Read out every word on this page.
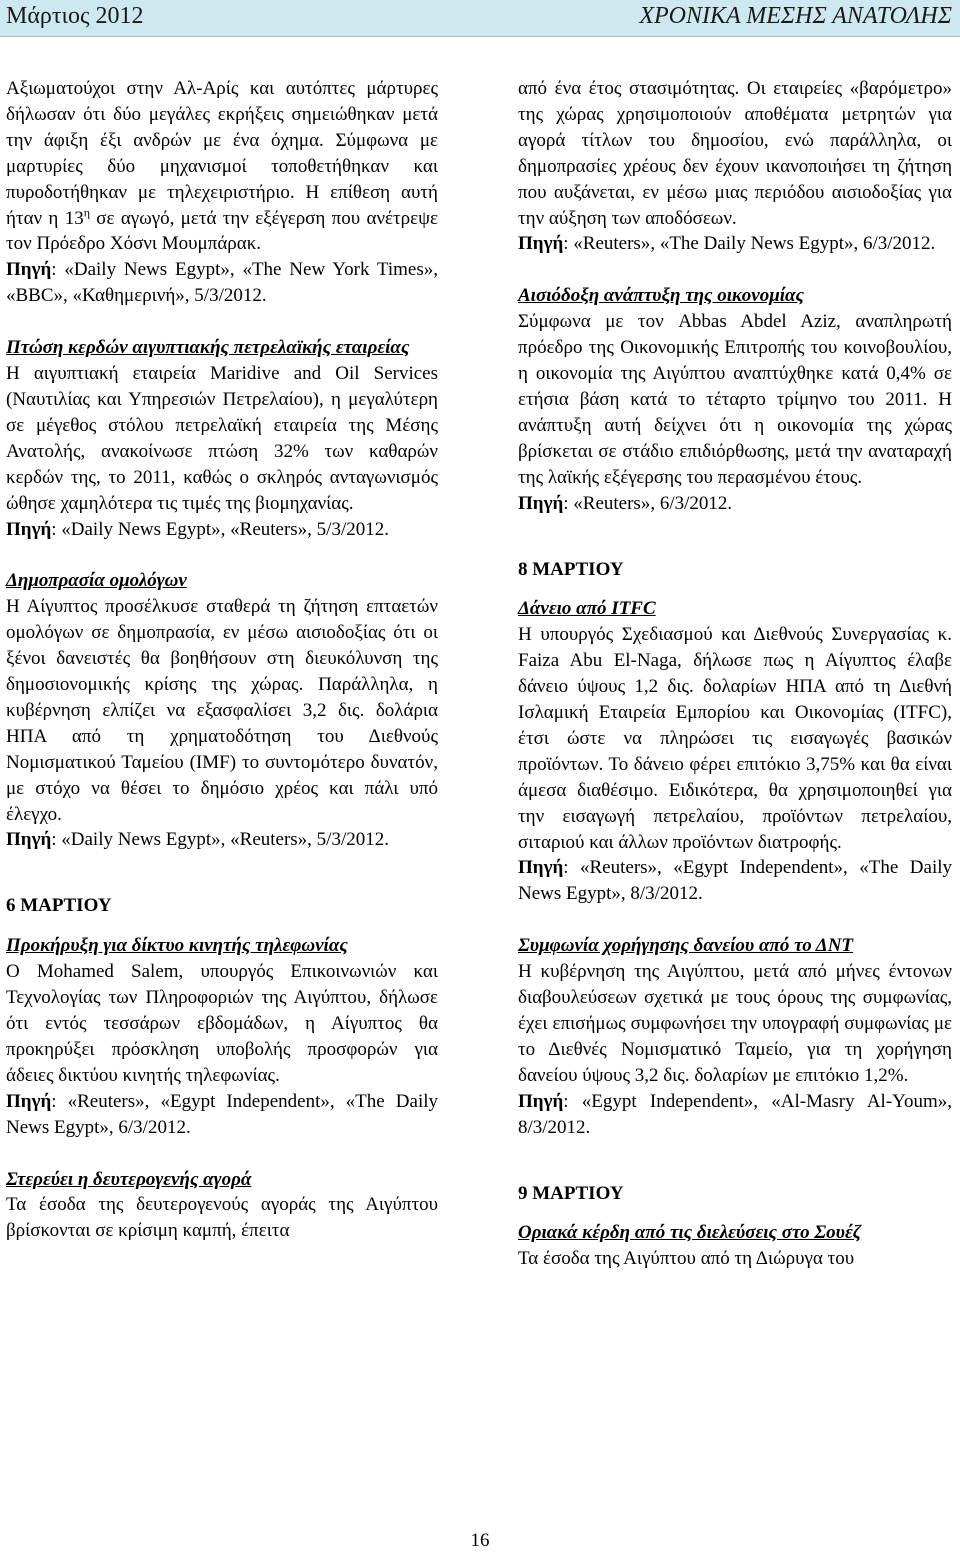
Μάρτιος 2012	ΧΡΟΝΙΚΑ ΜΕΣΗΣ ΑΝΑΤΟΛΗΣ

Αξιωματούχοι στην Αλ-Αρίς και αυτόπτες μάρτυρες δήλωσαν ότι δύο μεγάλες εκρήξεις σημειώθηκαν μετά την άφιξη έξι ανδρών με ένα όχημα. Σύμφωνα με μαρτυρίες δύο μηχανισμοί τοποθετήθηκαν και πυροδοτήθηκαν με τηλεχειριστήριο. Η επίθεση αυτή ήταν η $13^\eta$ σε αγωγό, μετά την εξέγερση που ανέτρεψε τον Πρόεδρο Χόσνι Μουμπάρακ.

Πηγή: «Daily News Egypt», «The New York Times», «BBC», «Καθημερινή», 5/3/2012.

Πτώση κερδών αιγυπτιακής πετρελαϊκής εταιρείας

Η αιγυπτιακή εταιρεία Maridive and Oil Services (Ναυτιλίας και Υπηρεσιών Πετρελαίου), η μεγαλύτερη σε μέγεθος στόλου πετρελαϊκή εταιρεία της Μέσης Ανατολής, ανακοίνωσε πτώση 32% των καθαρών κερδών της, το 2011, καθώς ο σκληρός ανταγωνισμός ώθησε χαμηλότερα τις τιμές της βιομηχανίας.

Πηγή: «Daily News Egypt», «Reuters», 5/3/2012.

Δημοπρασία ομολόγων

Η Αίγυπτος προσέλκυσε σταθερά τη ζήτηση επταετών ομολόγων σε δημοπρασία, εν μέσω αισιοδοξίας ότι οι ξένοι δανειστές θα βοηθήσουν στη διευκόλυνση της δημοσιονομικής κρίσης της χώρας. Παράλληλα, η κυβέρνηση ελπίζει να εξασφαλίσει 3,2 δις. δολάρια ΗΠΑ από τη χρηματοδότηση του Διεθνούς Νομισματικού Ταμείου (IMF) το συντομότερο δυνατόν, με στόχο να θέσει το δημόσιο χρέος και πάλι υπό έλεγχο.

Πηγή: «Daily News Egypt», «Reuters», 5/3/2012.

6 ΜΑΡΤΙΟΥ

Προκήρυξη για δίκτυο κινητής τηλεφωνίας

Ο Mohamed Salem, υπουργός Επικοινωνιών και Τεχνολογίας των Πληροφοριών της Αιγύπτου, δήλωσε ότι εντός τεσσάρων εβδομάδων, η Αίγυπτος θα προκηρύξει πρόσκληση υποβολής προσφορών για άδειες δικτύου κινητής τηλεφωνίας.

Πηγή: «Reuters», «Egypt Independent», «The Daily News Egypt», 6/3/2012.

Στερεύει η δευτερογενής αγορά

Τα έσοδα της δευτερογενούς αγοράς της Αιγύπτου βρίσκονται σε κρίσιμη καμπή, έπειτα

από ένα έτος στασιμότητας. Οι εταιρείες «βαρόμετρο» της χώρας χρησιμοποιούν αποθέματα μετρητών για αγορά τίτλων του δημοσίου, ενώ παράλληλα, οι δημοπρασίες χρέους δεν έχουν ικανοποιήσει τη ζήτηση που αυξάνεται, εν μέσω μιας περιόδου αισιοδοξίας για την αύξηση των αποδόσεων.

Πηγή: «Reuters», «The Daily News Egypt», 6/3/2012.

Αισιόδοξη ανάπτυξη της οικονομίας

Σύμφωνα με τον Abbas Abdel Aziz, αναπληρωτή πρόεδρο της Οικονομικής Επιτροπής του κοινοβουλίου, η οικονομία της Αιγύπτου αναπτύχθηκε κατά 0,4% σε ετήσια βάση κατά το τέταρτο τρίμηνο του 2011. Η ανάπτυξη αυτή δείχνει ότι η οικονομία της χώρας βρίσκεται σε στάδιο επιδιόρθωσης, μετά την αναταραχή της λαϊκής εξέγερσης του περασμένου έτους.

Πηγή: «Reuters», 6/3/2012.

8 ΜΑΡΤΙΟΥ

Δάνειο από ITFC

Η υπουργός Σχεδιασμού και Διεθνούς Συνεργασίας κ. Faiza Abu El-Naga, δήλωσε πως η Αίγυπτος έλαβε δάνειο ύψους 1,2 δις. δολαρίων ΗΠΑ από τη Διεθνή Ισλαμική Εταιρεία Εμπορίου και Οικονομίας (ITFC), έτσι ώστε να πληρώσει τις εισαγωγές βασικών προϊόντων. Το δάνειο φέρει επιτόκιο 3,75% και θα είναι άμεσα διαθέσιμο. Ειδικότερα, θα χρησιμοποιηθεί για την εισαγωγή πετρελαίου, προϊόντων πετρελαίου, σιταριού και άλλων προϊόντων διατροφής.

Πηγή: «Reuters», «Egypt Independent», «The Daily News Egypt», 8/3/2012.

Συμφωνία χορήγησης δανείου από το ΔΝΤ

Η κυβέρνηση της Αιγύπτου, μετά από μήνες έντονων διαβουλεύσεων σχετικά με τους όρους της συμφωνίας, έχει επισήμως συμφωνήσει την υπογραφή συμφωνίας με το Διεθνές Νομισματικό Ταμείο, για τη χορήγηση δανείου ύψους 3,2 δις. δολαρίων με επιτόκιο 1,2%.

Πηγή: «Egypt Independent», «Al-Masry Al-Youm», 8/3/2012.

9 ΜΑΡΤΙΟΥ

Οριακά κέρδη από τις διελεύσεις στο Σουέζ

Τα έσοδα της Αιγύπτου από τη Διώρυγα του

16
